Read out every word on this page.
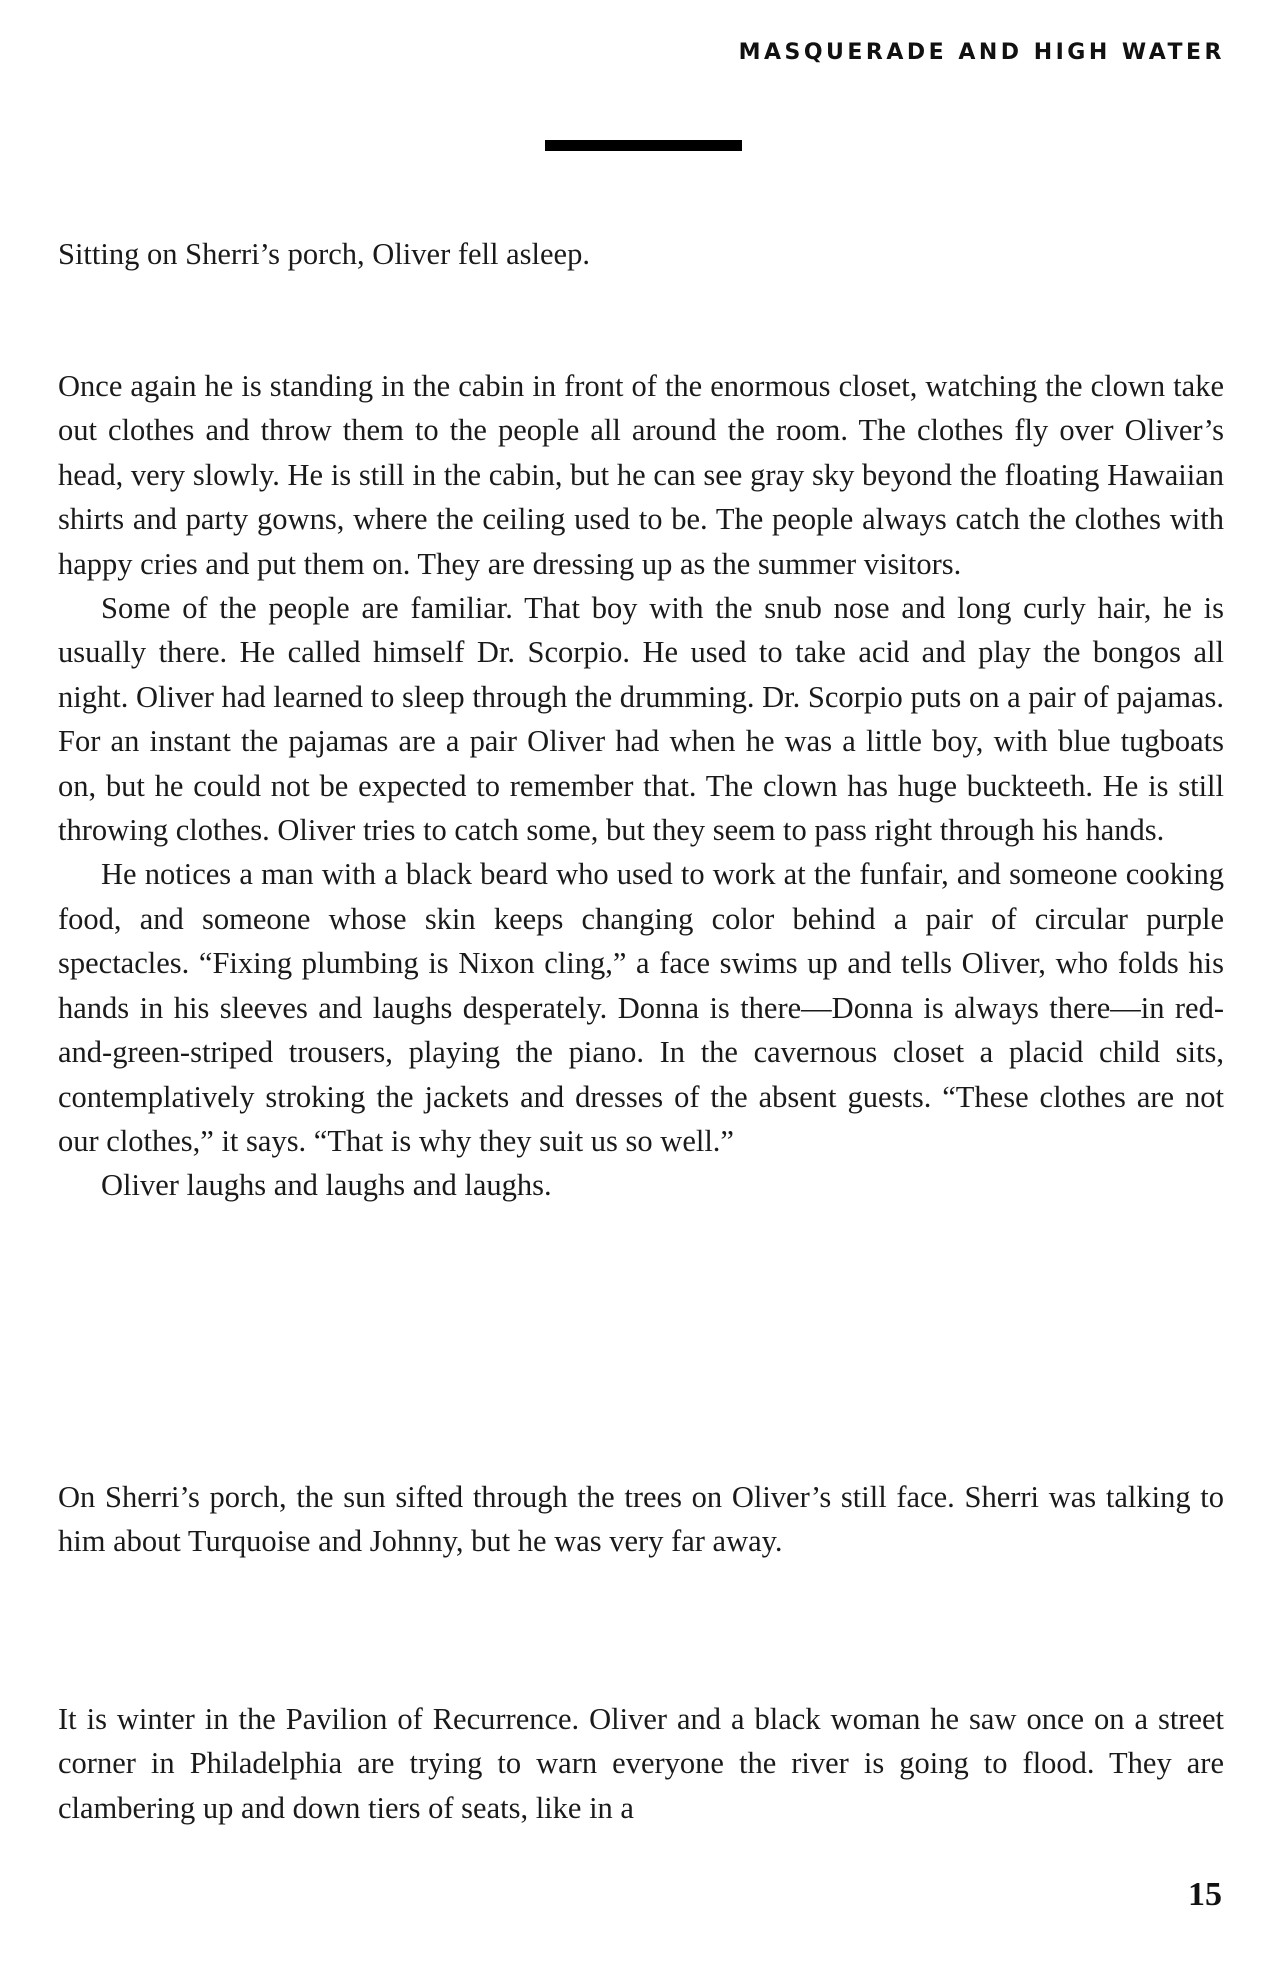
MASQUERADE AND HIGH WATER

Sitting on Sherri’s porch, Oliver fell asleep.

Once again he is standing in the cabin in front of the enormous closet, watching the clown take out clothes and throw them to the people all around the room. The clothes fly over Oliver’s head, very slowly. He is still in the cabin, but he can see gray sky beyond the floating Hawaiian shirts and party gowns, where the ceiling used to be. The people always catch the clothes with happy cries and put them on. They are dressing up as the summer visitors.

Some of the people are familiar. That boy with the snub nose and long curly hair, he is usually there. He called himself Dr. Scorpio. He used to take acid and play the bongos all night. Oliver had learned to sleep through the drumming. Dr. Scorpio puts on a pair of pajamas. For an instant the pajamas are a pair Oliver had when he was a little boy, with blue tugboats on, but he could not be expected to remember that. The clown has huge buckteeth. He is still throwing clothes. Oliver tries to catch some, but they seem to pass right through his hands.

He notices a man with a black beard who used to work at the funfair, and someone cooking food, and someone whose skin keeps changing color behind a pair of circular purple spectacles. “Fixing plumbing is Nixon cling,” a face swims up and tells Oliver, who folds his hands in his sleeves and laughs desperately. Donna is there—Donna is always there—in red-and-green-striped trousers, playing the piano. In the cavernous closet a placid child sits, contemplatively stroking the jackets and dresses of the absent guests. “These clothes are not our clothes,” it says. “That is why they suit us so well.”

Oliver laughs and laughs and laughs.

On Sherri’s porch, the sun sifted through the trees on Oliver’s still face. Sherri was talking to him about Turquoise and Johnny, but he was very far away.

It is winter in the Pavilion of Recurrence. Oliver and a black woman he saw once on a street corner in Philadelphia are trying to warn everyone the river is going to flood. They are clambering up and down tiers of seats, like in a

15
